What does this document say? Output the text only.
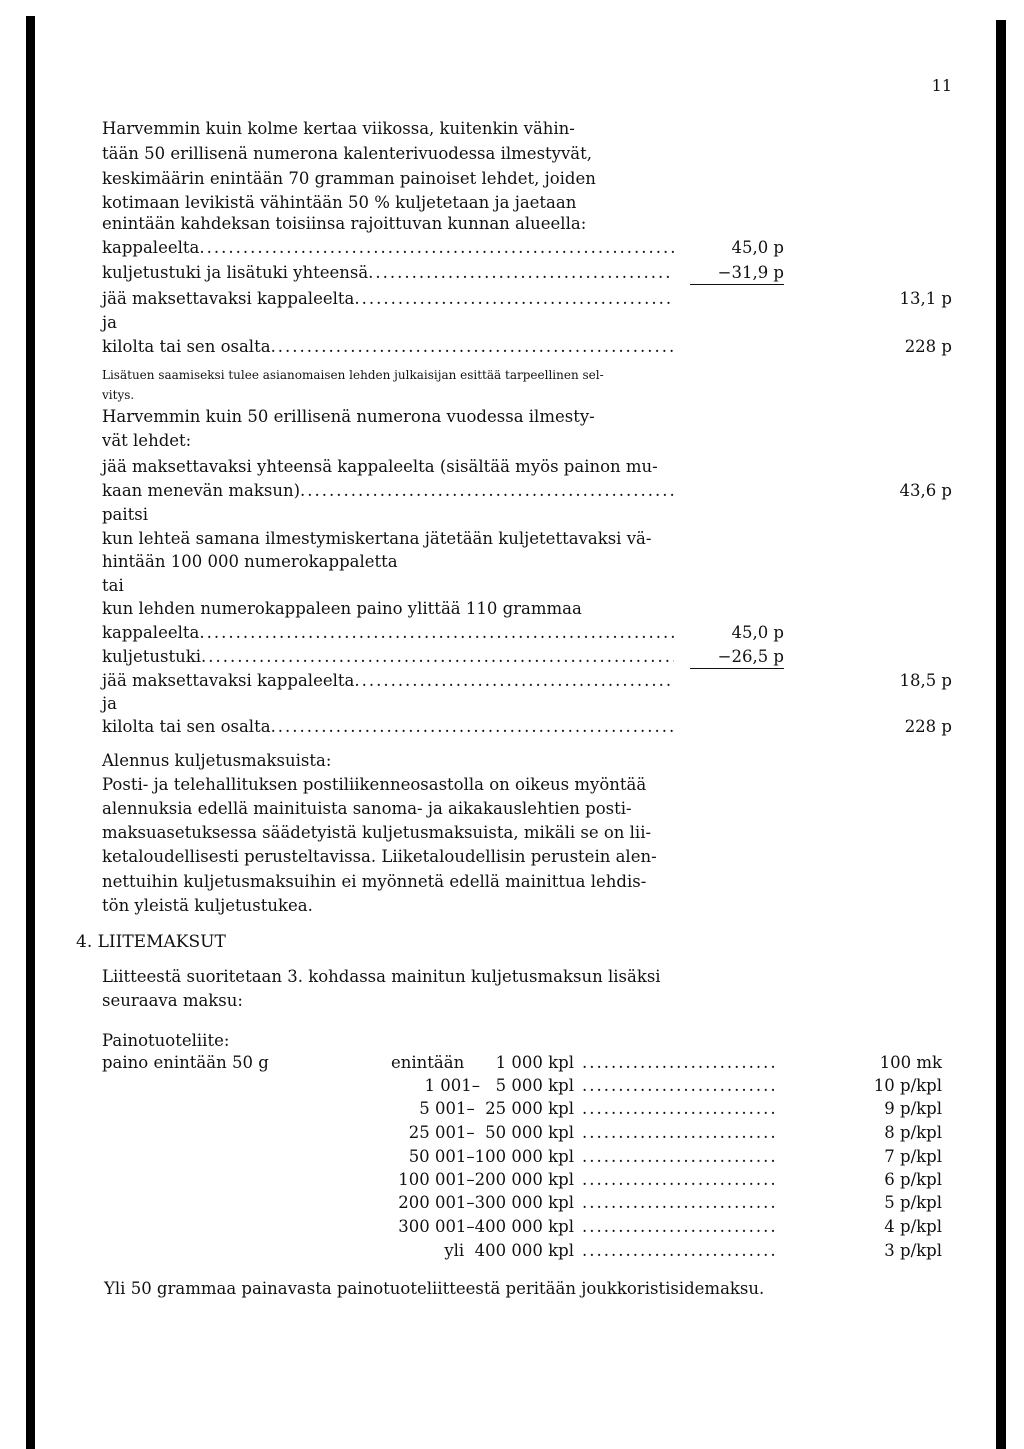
11
Harvemmin kuin kolme kertaa viikossa, kuitenkin vähin-
tään 50 erillisenä numerona kalenterivuodessa ilmestyvät,
keskimäärin enintään 70 gramman painoiset lehdet, joiden
kotimaan levikistä vähintään 50 % kuljetetaan ja jaetaan
enintään kahdeksan toisiinsa rajoittuvan kunnan alueella:
kappaleelta .....	45,0 p
kuljetustuki ja lisätuki yhteensä .....	−31,9 p
jää maksettavaksi kappaleelta .....	13,1 p
ja
kilolta tai sen osalta .....	228 p
Lisätuen saamiseksi tulee asianomaisen lehden julkaisijan esittää tarpeellinen sel-
vitys.
Harvemmin kuin 50 erillisenä numerona vuodessa ilmesty-
vät lehdet:
jää maksettavaksi yhteensä kappaleelta (sisältää myös painon mu-
kaan menevän maksun) .....	43,6 p
paitsi
kun lehteä samana ilmestymiskertana jätetään kuljetettavaksi vä-
hintään 100 000 numerokappaletta
tai
kun lehden numerokappaleen paino ylittää 110 grammaa
kappaleelta .....	45,0 p
kuljetustuki .....	−26,5 p
jää maksettavaksi kappaleelta .....	18,5 p
ja
kilolta tai sen osalta .....	228 p
Alennus kuljetusmaksuista:
Posti- ja telehallituksen postiliikenneosastolla on oikeus myöntää
alennuksia edellä mainituista sanoma- ja aikakauslehtien posti-
maksuasetuksessa säädetyistä kuljetusmaksuista, mikäli se on lii-
ketaloudellisesti perusteltavissa. Liiketaloudellisin perustein alen-
nettuihin kuljetusmaksuihin ei myönnetä edellä mainittua lehdis-
tön yleistä kuljetustukea.
4. LIITEMAKSUT
Liitteestä suoritetaan 3. kohdassa mainitun kuljetusmaksun lisäksi
seuraava maksu:
Painotuoteliite:
paino enintään 50 g	enintään      1 000 kpl .....	100 mk
1 001–   5 000 kpl .....	10 p/kpl
5 001–  25 000 kpl .....	9 p/kpl
25 001–  50 000 kpl .....	8 p/kpl
50 001–100 000 kpl .....	7 p/kpl
100 001–200 000 kpl .....	6 p/kpl
200 001–300 000 kpl .....	5 p/kpl
300 001–400 000 kpl .....	4 p/kpl
yli  400 000 kpl .....	3 p/kpl
Yli 50 grammaa painavasta painotuoteliitteestä peritään joukkoristisidemaksu.
